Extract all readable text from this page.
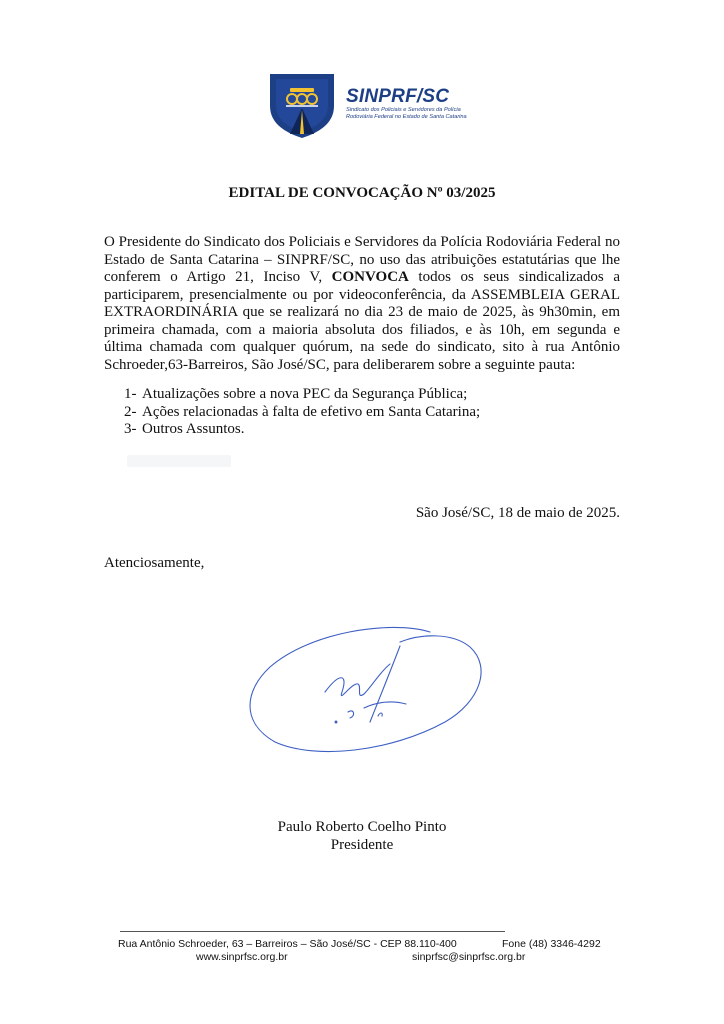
SINPRF/SC
Sindicato dos Policiais e Servidores da Polícia
Rodoviária Federal no Estado de Santa Catarina
EDITAL DE CONVOCAÇÃO Nº 03/2025
O Presidente do Sindicato dos Policiais e Servidores da Polícia Rodoviária Federal no Estado de Santa Catarina – SINPRF/SC, no uso das atribuições estatutárias que lhe conferem o Artigo 21, Inciso V, CONVOCA todos os seus sindicalizados a participarem, presencialmente ou por videoconferência, da ASSEMBLEIA GERAL EXTRAORDINÁRIA que se realizará no dia 23 de maio de 2025, às 9h30min, em primeira chamada, com a maioria absoluta dos filiados, e às 10h, em segunda e última chamada com qualquer quórum, na sede do sindicato, sito à rua Antônio Schroeder,63-Barreiros, São José/SC, para deliberarem sobre a seguinte pauta:
1- Atualizações sobre a nova PEC da Segurança Pública;
2- Ações relacionadas à falta de efetivo em Santa Catarina;
3- Outros Assuntos.
São José/SC, 18 de maio de 2025.
Atenciosamente,
Paulo Roberto Coelho Pinto
Presidente
Rua Antônio Schroeder, 63 – Barreiros – São José/SC - CEP 88.110-400	Fone (48) 3346-4292
www.sinprfsc.org.br	sinprfsc@sinprfsc.org.br
